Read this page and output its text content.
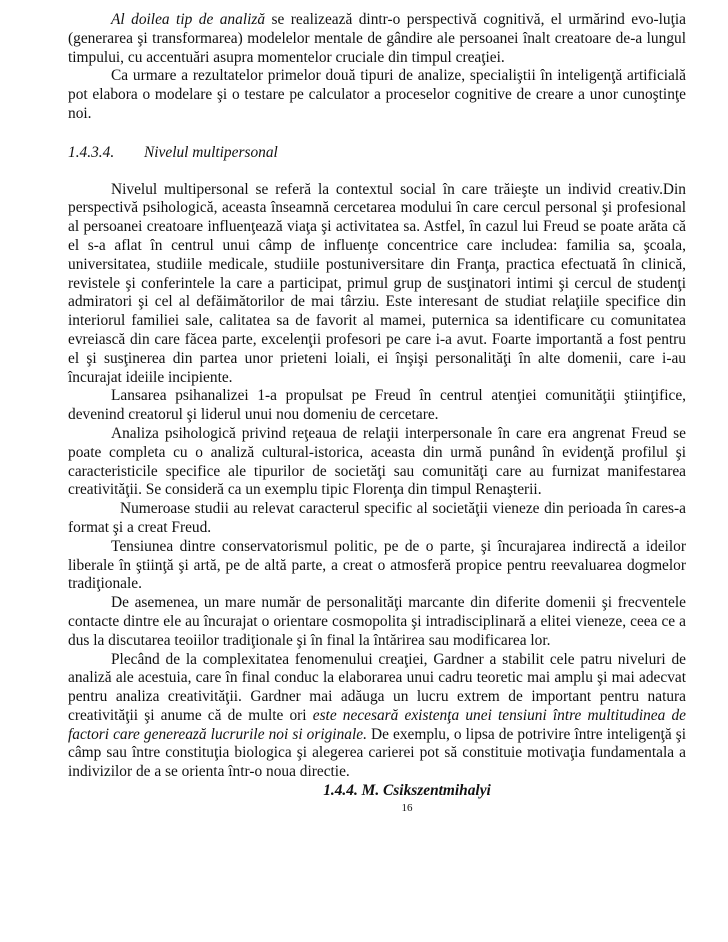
Al doilea tip de analiză se realizează dintr-o perspectivă cognitivă, el urmărind evo-luţia (generarea şi transformarea) modelelor mentale de gândire ale persoanei înalt creatoare de-a lungul timpului, cu accentuări asupra momentelor cruciale din timpul creaţiei.

Ca urmare a rezultatelor primelor două tipuri de analize, specialiştii în inteligenţă artificială pot elabora o modelare şi o testare pe calculator a proceselor cognitive de creare a unor cunoştinţe noi.

1.4.3.4. Nivelul multipersonal

Nivelul multipersonal se referă la contextul social în care trăieşte un individ creativ.Din perspectivă psihologică, aceasta înseamnă cercetarea modului în care cercul personal şi profesional al persoanei creatoare influenţează viaţa şi activitatea sa. Astfel, în cazul lui Freud se poate arăta că el s-a aflat în centrul unui câmp de influenţe concentrice care includea: familia sa, şcoala, universitatea, studiile medicale, studiile postuniversitare din Franţa, practica efectuată în clinică, revistele şi conferintele la care a participat, primul grup de susţinatori intimi şi cercul de studenţi admiratori şi cel al defăimătorilor de mai târziu. Este interesant de studiat relaţiile specifice din interiorul familiei sale, calitatea sa de favorit al mamei, puternica sa identificare cu comunitatea evreiască din care făcea parte, excelenţii profesori pe care i-a avut. Foarte importantă a fost pentru el şi susţinerea din partea unor prieteni loiali, ei înşişi personalităţi în alte domenii, care i-au încurajat ideiile incipiente.

Lansarea psihanalizei 1-a propulsat pe Freud în centrul atenţiei comunităţii ştiinţifice, devenind creatorul şi liderul unui nou domeniu de cercetare.

Analiza psihologică privind reţeaua de relaţii interpersonale în care era angrenat Freud se poate completa cu o analiză cultural-istorica, aceasta din urmă punând în evidenţă profilul şi caracteristicile specifice ale tipurilor de societăţi sau comunităţi care au furnizat manifestarea creativităţii. Se consideră ca un exemplu tipic Florenţa din timpul Renaşterii.

Numeroase studii au relevat caracterul specific al societăţii vieneze din perioada în cares-a format şi a creat Freud.

Tensiunea dintre conservatorismul politic, pe de o parte, şi încurajarea indirectă a ideilor liberale în ştiinţă şi artă, pe de altă parte, a creat o atmosferă propice pentru reevaluarea dogmelor tradiţionale.

De asemenea, un mare număr de personalităţi marcante din diferite domenii şi frecventele contacte dintre ele au încurajat o orientare cosmopolita şi intradisciplinară a elitei vieneze, ceea ce a dus la discutarea teoiilor tradiţionale şi în final la întărirea sau modificarea lor.

Plecând de la complexitatea fenomenului creaţiei, Gardner a stabilit cele patru niveluri de analiză ale acestuia, care în final conduc la elaborarea unui cadru teoretic mai amplu şi mai adecvat pentru analiza creativităţii. Gardner mai adăuga un lucru extrem de important pentru natura creativităţii şi anume că de multe ori este necesară existenţa unei tensiuni între multitudinea de factori care generează lucrurile noi si originale. De exemplu, o lipsa de potrivire între inteligenţă şi câmp sau între constituţia biologica şi alegerea carierei pot să constituie motivaţia fundamentala a indivizilor de a se orienta într-o noua directie.

1.4.4. M. Csikszentmihalyi

16
